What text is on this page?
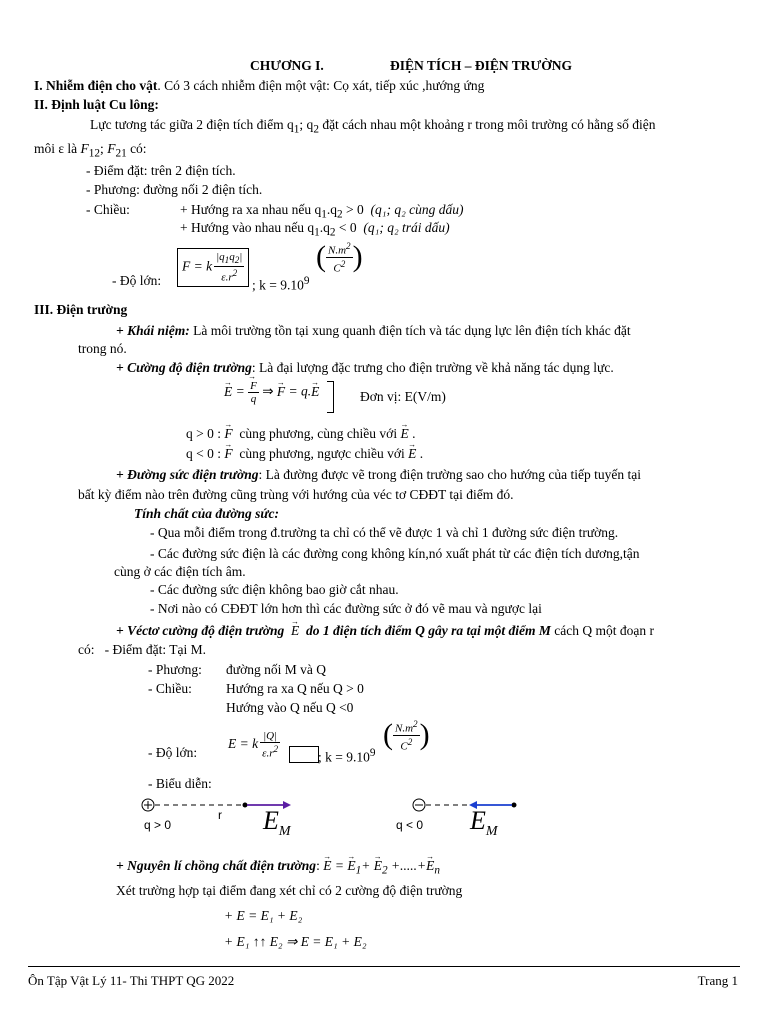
CHƯƠNG I.	ĐIỆN TÍCH – ĐIỆN TRƯỜNG
I. Nhiễm điện cho vật. Có 3 cách nhiễm điện một vật: Cọ xát, tiếp xúc ,hướng ứng
II. Định luật Cu lông:
Lực tương tác giữa 2 điện tích điểm $q_1$; $q_2$ đặt cách nhau một khoảng r trong môi trường có hằng số điện
môi ε là $F_{12}$; $F_{21}$ có:
- Điểm đặt: trên 2 điện tích.
- Phương: đường nối 2 điện tích.
- Chiều:	+ Hướng ra xa nhau nếu $q_1.q_2 > 0$ (q₁; q₂ cùng dấu)
+ Hướng vào nhau nếu $q_1.q_2 < 0$ (q₁; q₂ trái dấu)
- Độ lớn:
F = k $\frac{|q_1q_2|}{\varepsilon.r^2}$
; $k = 9.10^9$
( $\frac{N.m^2}{C^2}$ )
III. Điện trường
+ Khái niệm: Là môi trường tồn tại xung quanh điện tích và tác dụng lực lên điện tích khác đặt
trong nó.
+ Cường độ điện trường: Là đại lượng đặc trưng cho điện trường về khả năng tác dụng lực.
→ E = → $\frac{F}{q}$ ⇒ → F = q.→ E	Đơn vị: E(V/m)
q > 0 : → F cùng phương, cùng chiều với → E .
q < 0 : → F cùng phương, ngược chiều với → E .
+ Đường sức điện trường: Là đường được vẽ trong điện trường sao cho hướng của tiếp tuyến tại
bất kỳ điểm nào trên đường cũng trùng với hướng của véc tơ CĐĐT tại điểm đó.
Tính chất của đường sức:
- Qua mỗi điểm trong đ.trường ta chỉ có thể vẽ được 1 và chỉ 1 đường sức điện trường.
- Các đường sức điện là các đường cong không kín,nó xuất phát từ các điện tích dương,tận
cùng ở các điện tích âm.
- Các đường sức điện không bao giờ cắt nhau.
- Nơi nào có CĐĐT lớn hơn thì các đường sức ở đó vẽ mau và ngược lại
+ Véctơ cường độ điện trường → E do 1 điện tích điểm Q gây ra tại một điểm M cách Q một đoạn r
có: - Điểm đặt: Tại M.
- Phương: đường nối M và Q
- Chiều:	Hướng ra xa Q nếu Q > 0
Hướng vào Q nếu Q <0
- Độ lớn:
E = k $\frac{|Q|}{\varepsilon.r^2}$	; $k = 9.10^9$
( $\frac{N.m^2}{C^2}$ )
- Biểu diễn:
q > 0
r
q < 0
$E_M$	$E_M$
+ Nguyên lí chồng chất điện trường: → E = → $E_1+ \to E_2$ +.....+→ $E_n$
Xét trường hợp tại điểm đang xét chỉ có 2 cường độ điện trường
+ E = E₁ + E₂
+ E₁ ↑↑ E₂ ⇒ E = E₁ + E₂
Ôn Tập Vật Lý 11- Thi THPT QG 2022	Trang 1
